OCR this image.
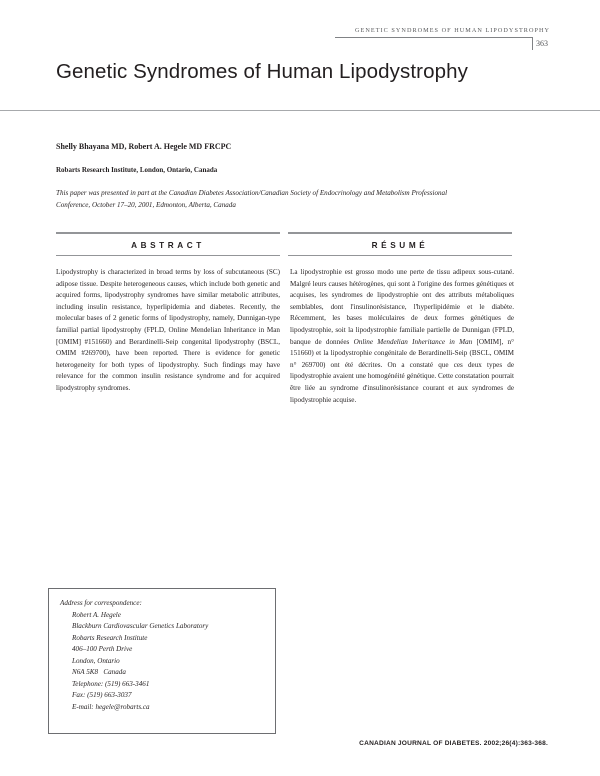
GENETIC SYNDROMES OF HUMAN LIPODYSTROPHY
363
Genetic Syndromes of Human Lipodystrophy
Shelly Bhayana MD, Robert A. Hegele MD FRCPC
Robarts Research Institute, London, Ontario, Canada
This paper was presented in part at the Canadian Diabetes Association/Canadian Society of Endocrinology and Metabolism Professional Conference, October 17–20, 2001, Edmonton, Alberta, Canada
ABSTRACT	RÉSUMÉ
Lipodystrophy is characterized in broad terms by loss of subcutaneous (SC) adipose tissue. Despite heterogeneous causes, which include both genetic and acquired forms, lipodystrophy syndromes have similar metabolic attributes, including insulin resistance, hyperlipidemia and diabetes. Recently, the molecular bases of 2 genetic forms of lipodystrophy, namely, Dunnigan-type familial partial lipodystrophy (FPLD, Online Mendelian Inheritance in Man [OMIM] #151660) and Berardinelli-Seip congenital lipodystrophy (BSCL, OMIM #269700), have been reported. There is evidence for genetic heterogeneity for both types of lipodystrophy. Such findings may have relevance for the common insulin resistance syndrome and for acquired lipodystrophy syndromes.
La lipodystrophie est grosso modo une perte de tissu adipeux sous-cutané. Malgré leurs causes hétérogènes, qui sont à l'origine des formes génétiques et acquises, les syndromes de lipodystrophie ont des attributs métaboliques semblables, dont l'insulinorésistance, l'hyperlipidémie et le diabète. Récemment, les bases moléculaires de deux formes génétiques de lipodystrophie, soit la lipodystrophie familiale partielle de Dunnigan (FPLD, banque de données Online Mendelian Inheritance in Man [OMIM], n° 151660) et la lipodystrophie congénitale de Berardinelli-Seip (BSCL, OMIM n° 269700) ont été décrites. On a constaté que ces deux types de lipodystrophie avaient une homogénéité génétique. Cette constatation pourrait être liée au syndrome d'insulinorésistance courant et aux syndromes de lipodystrophie acquise.
Address for correspondence:
Robert A. Hegele
Blackburn Cardiovascular Genetics Laboratory
Robarts Research Institute
406–100 Perth Drive
London, Ontario
N6A 5K8   Canada
Telephone: (519) 663-3461
Fax: (519) 663-3037
E-mail: hegele@robarts.ca
CANADIAN JOURNAL OF DIABETES. 2002;26(4):363-368.
